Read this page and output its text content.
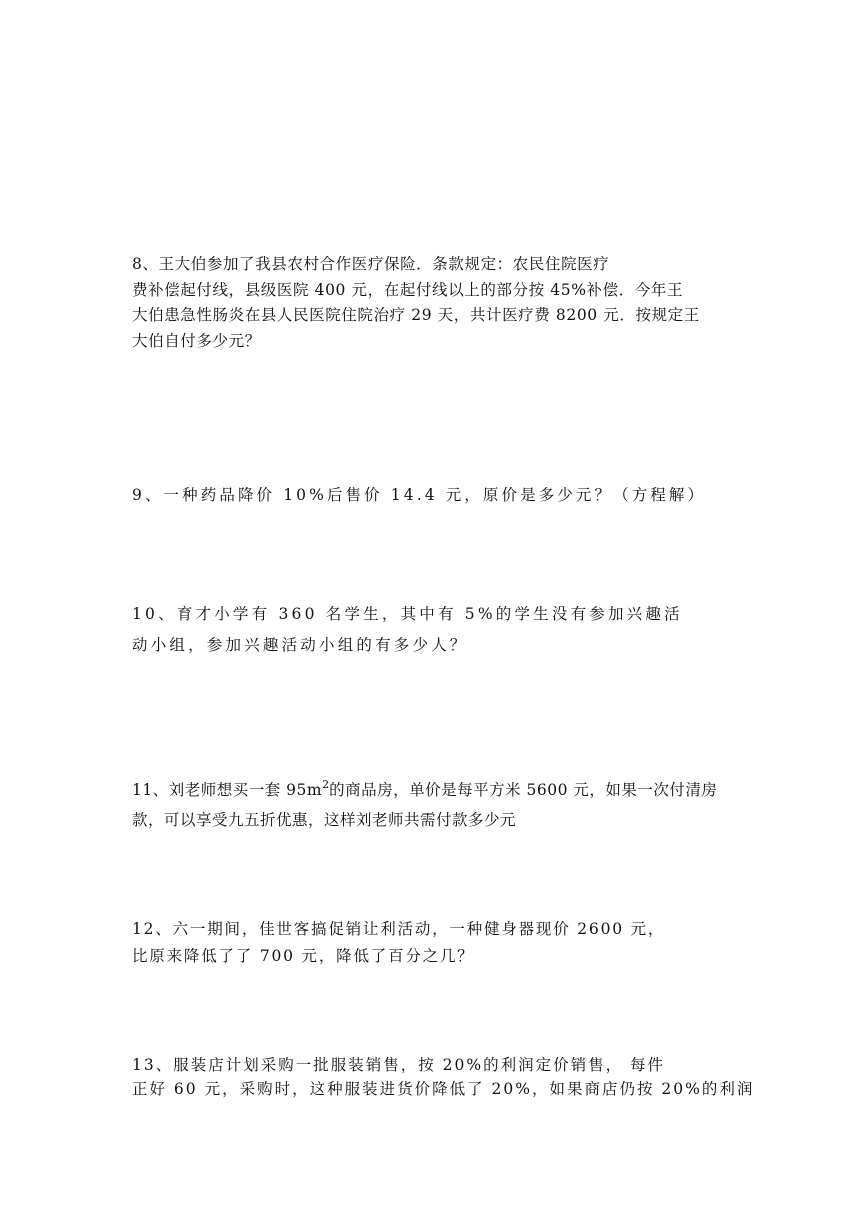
8、王大伯参加了我县农村合作医疗保险．条款规定：农民住院医疗
费补偿起付线，县级医院 400 元，在起付线以上的部分按 45%补偿．今年王
大伯患急性肠炎在县人民医院住院治疗 29 天，共计医疗费 8200 元．按规定王
大伯自付多少元？
9、一种药品降价 10%后售价 14.4 元，原价是多少元？（方程解）
10、育才小学有 360 名学生，其中有 5%的学生没有参加兴趣活
动小组，参加兴趣活动小组的有多少人？
11、刘老师想买一套 $95m^2$的商品房，单价是每平方米 5600 元，如果一次付清房
款，可以享受九五折优惠，这样刘老师共需付款多少元
12、六一期间，佳世客搞促销让利活动，一种健身器现价 2600 元，
比原来降低了了 700 元，降低了百分之几？
13、服装店计划采购一批服装销售，按 20%的利润定价销售， 每件
正好 60 元，采购时，这种服装进货价降低了 20%，如果商店仍按 20%的利润
